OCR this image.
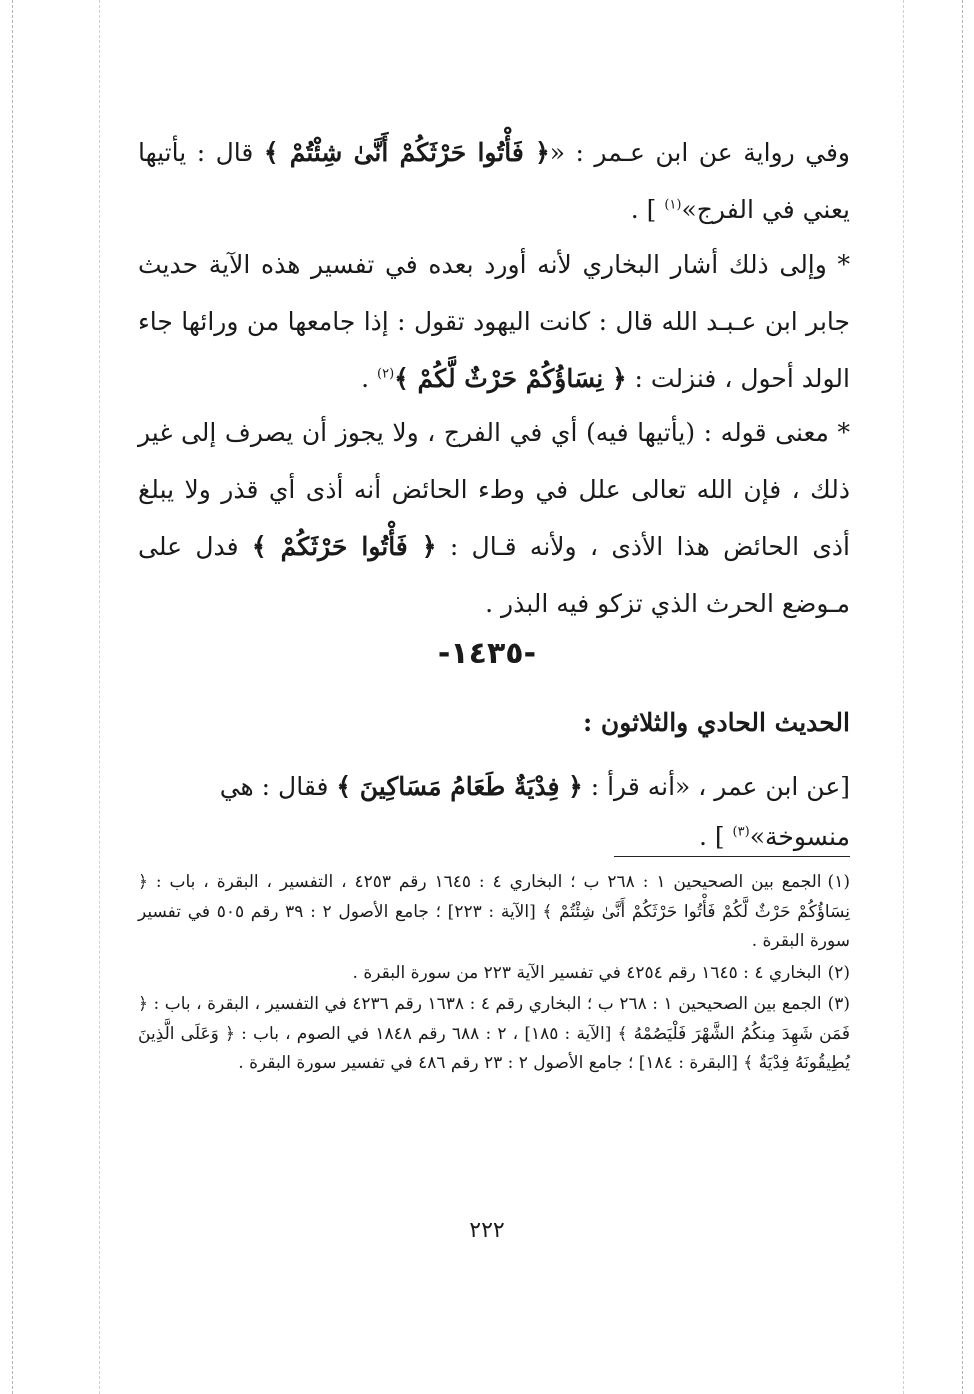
وفي رواية عن ابن عـمر : «﴿ فَأْتُوا حَرْثَكُمْ أَنَّىٰ شِئْتُمْ ﴾ قال : يأتيها يعني في الفرج»$^{(١)}$ ] .

* وإلى ذلك أشار البخاري لأنه أورد بعده في تفسير هذه الآية حديث جابر ابن عـبـد الله قال : كانت اليهود تقول : إذا جامعها من ورائها جاء الولد أحول ، فنزلت : ﴿ نِسَاؤُكُمْ حَرْثٌ لَّكُمْ ﴾$^{(٢)}$ .

* معنى قوله : (يأتيها فيه) أي في الفرج ، ولا يجوز أن يصرف إلى غير ذلك ، فإن الله تعالى علل في وطء الحائض أنه أذى أي قذر ولا يبلغ أذى الحائض هذا الأذى ، ولأنه قـال : ﴿ فَأْتُوا حَرْثَكُمْ ﴾ فدل على مـوضع الحرث الذي تزكو فيه البذر .

-١٤٣٥-
الحديث الحادي والثلاثون :
[عن ابن عمر ، «أنه قرأ : ﴿ فِدْيَةٌ طَعَامُ مَسَاكِينَ ﴾ فقال : هي منسوخة»$^{(٣)}$ ] .

(١)الجمع بين الصحيحين ١ : ٢٦٨ ب ؛ البخاري ٤ : ١٦٤٥ رقم ٤٢٥٣ ، التفسير ، البقرة ، باب : ﴿ نِسَاؤُكُمْ حَرْثٌ لَّكُمْ فَأْتُوا حَرْثَكُمْ أَنَّىٰ شِئْتُمْ ﴾ [الآية : ٢٢٣] ؛ جامع الأصول ٢ : ٣٩ رقم ٥٠٥ في تفسير سورة البقرة .

(٢)البخاري ٤ : ١٦٤٥ رقم ٤٢٥٤ في تفسير الآية ٢٢٣ من سورة البقرة .

(٣)الجمع بين الصحيحين ١ : ٢٦٨ ب ؛ البخاري رقم ٤ : ١٦٣٨ رقم ٤٢٣٦ في التفسير ، البقرة ، باب : ﴿ فَمَن شَهِدَ مِنكُمُ الشَّهْرَ فَلْيَصُمْهُ ﴾ [الآية : ١٨٥] ، ٢ : ٦٨٨ رقم ١٨٤٨ في الصوم ، باب : ﴿ وَعَلَى الَّذِينَ يُطِيقُونَهُ فِدْيَةٌ ﴾ [البقرة : ١٨٤] ؛ جامع الأصول ٢ : ٢٣ رقم ٤٨٦ في تفسير سورة البقرة .

٢٢٢
